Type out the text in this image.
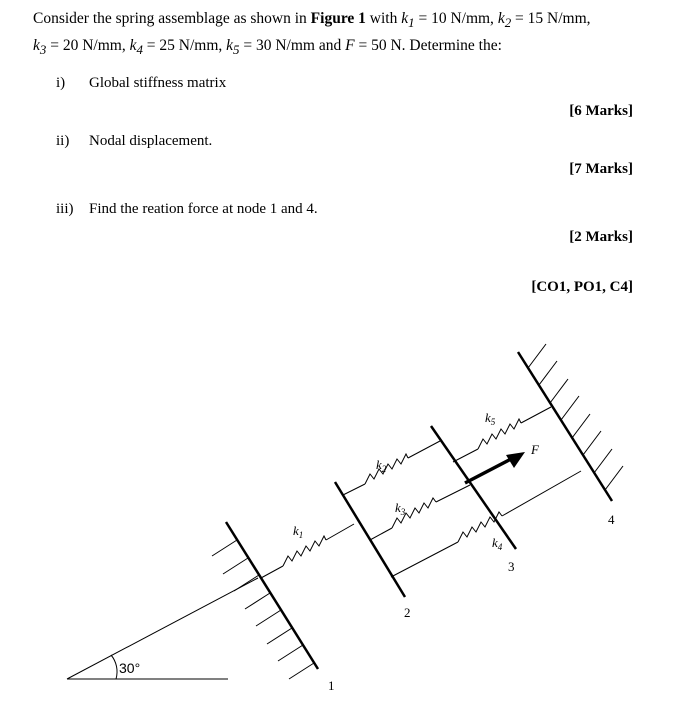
Consider the spring assemblage as shown in Figure 1 with $k_1 = 10$ N/mm, $k_2 = 15$ N/mm,
$k_3 = 20$ N/mm, $k_4 = 25$ N/mm, $k_5 = 30$ N/mm and F = 50 N. Determine the:
i) Global stiffness matrix
[6 Marks]
ii) Nodal displacement.
[7 Marks]
iii) Find the reation force at node 1 and 4.
[2 Marks]
[CO1, PO1, C4]
30°
1
2
3
4
$k_1$
$k_2$
$k_3$
$k_4$
$k_5$
F
